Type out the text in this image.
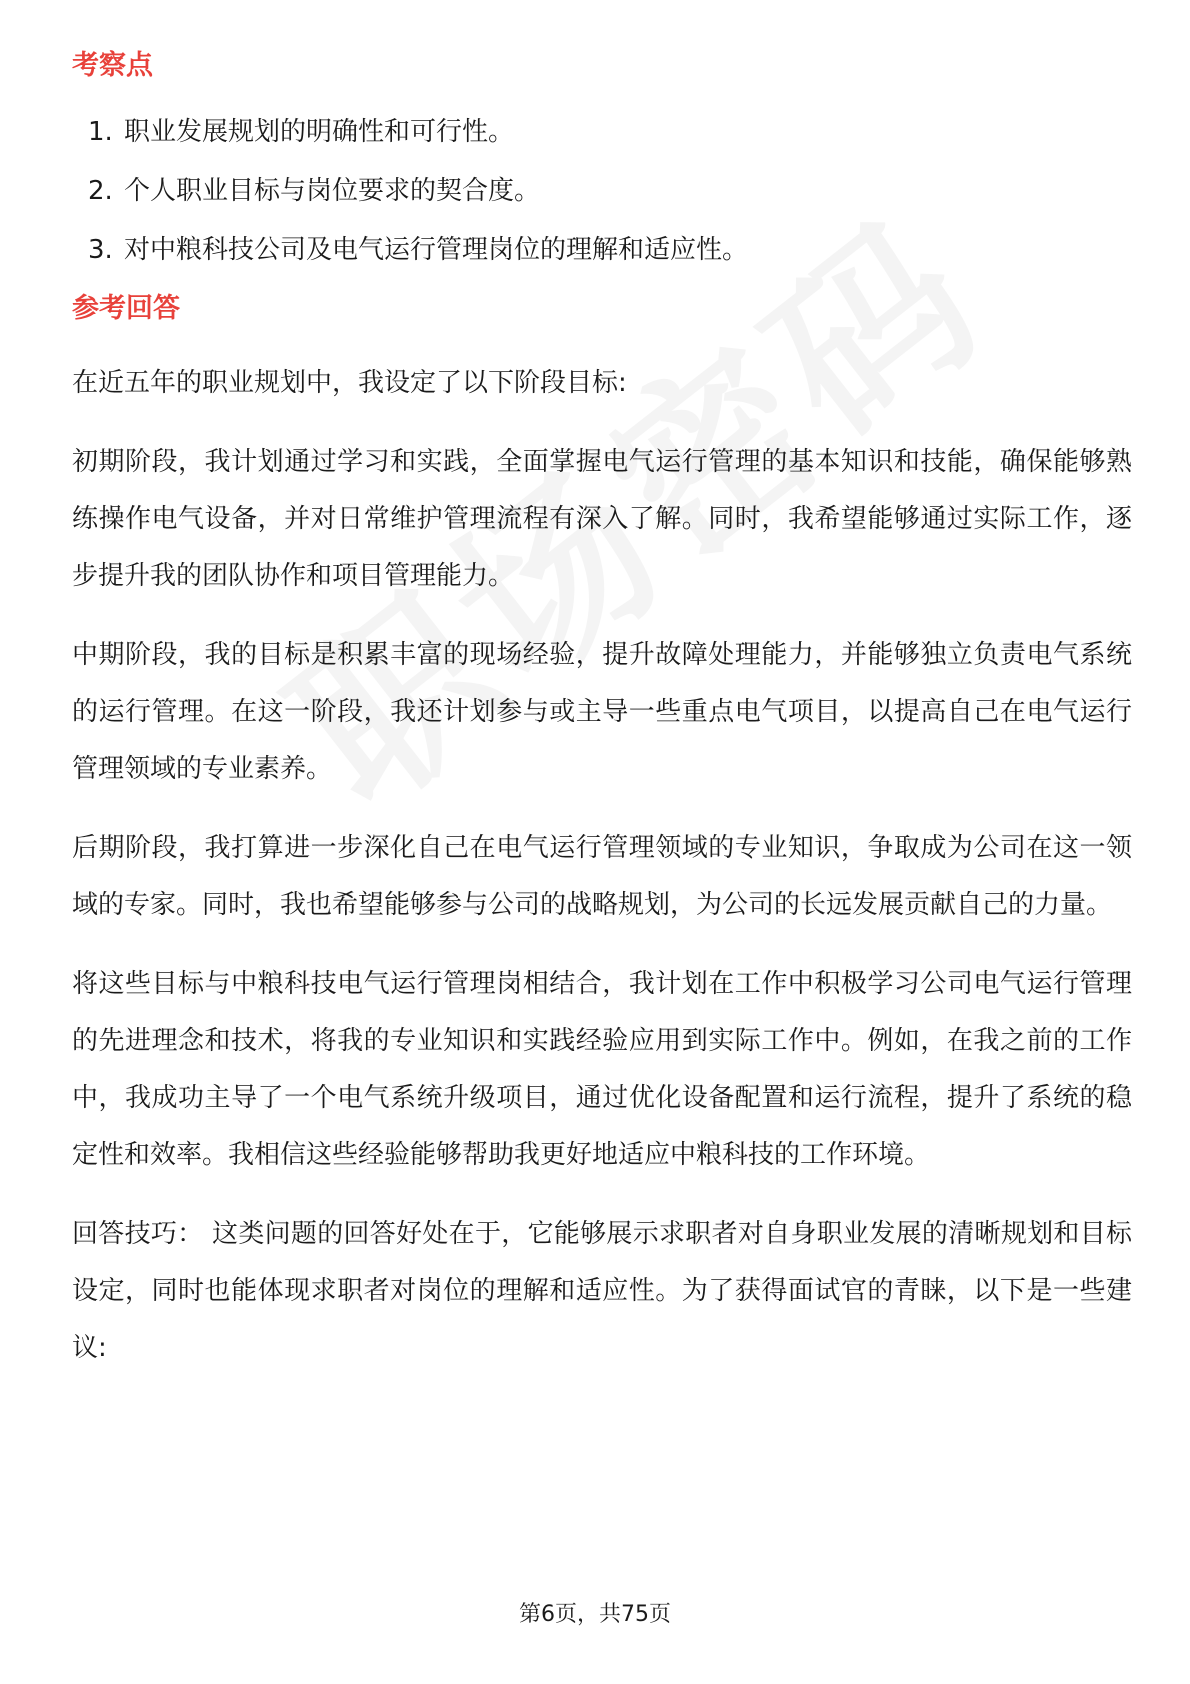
考察点
1. 职业发展规划的明确性和可行性。
2. 个人职业目标与岗位要求的契合度。
3. 对中粮科技公司及电气运行管理岗位的理解和适应性。
参考回答

在近五年的职业规划中，我设定了以下阶段目标:

初期阶段，我计划通过学习和实践，全面掌握电气运行管理的基本知识和技能，确保能够熟练操作电气设备，并对日常维护管理流程有深入了解。同时，我希望能够通过实际工作，逐步提升我的团队协作和项目管理能力。

中期阶段，我的目标是积累丰富的现场经验，提升故障处理能力，并能够独立负责电气系统的运行管理。在这一阶段，我还计划参与或主导一些重点电气项目，以提高自己在电气运行管理领域的专业素养。

后期阶段，我打算进一步深化自己在电气运行管理领域的专业知识，争取成为公司在这一领域的专家。同时，我也希望能够参与公司的战略规划，为公司的长远发展贡献自己的力量。

将这些目标与中粮科技电气运行管理岗相结合，我计划在工作中积极学习公司电气运行管理的先进理念和技术，将我的专业知识和实践经验应用到实际工作中。例如，在我之前的工作中，我成功主导了一个电气系统升级项目，通过优化设备配置和运行流程，提升了系统的稳定性和效率。我相信这些经验能够帮助我更好地适应中粮科技的工作环境。

回答技巧： 这类问题的回答好处在于，它能够展示求职者对自身职业发展的清晰规划和目标设定，同时也能体现求职者对岗位的理解和适应性。为了获得面试官的青睐，以下是一些建议:

第6页，共75页
